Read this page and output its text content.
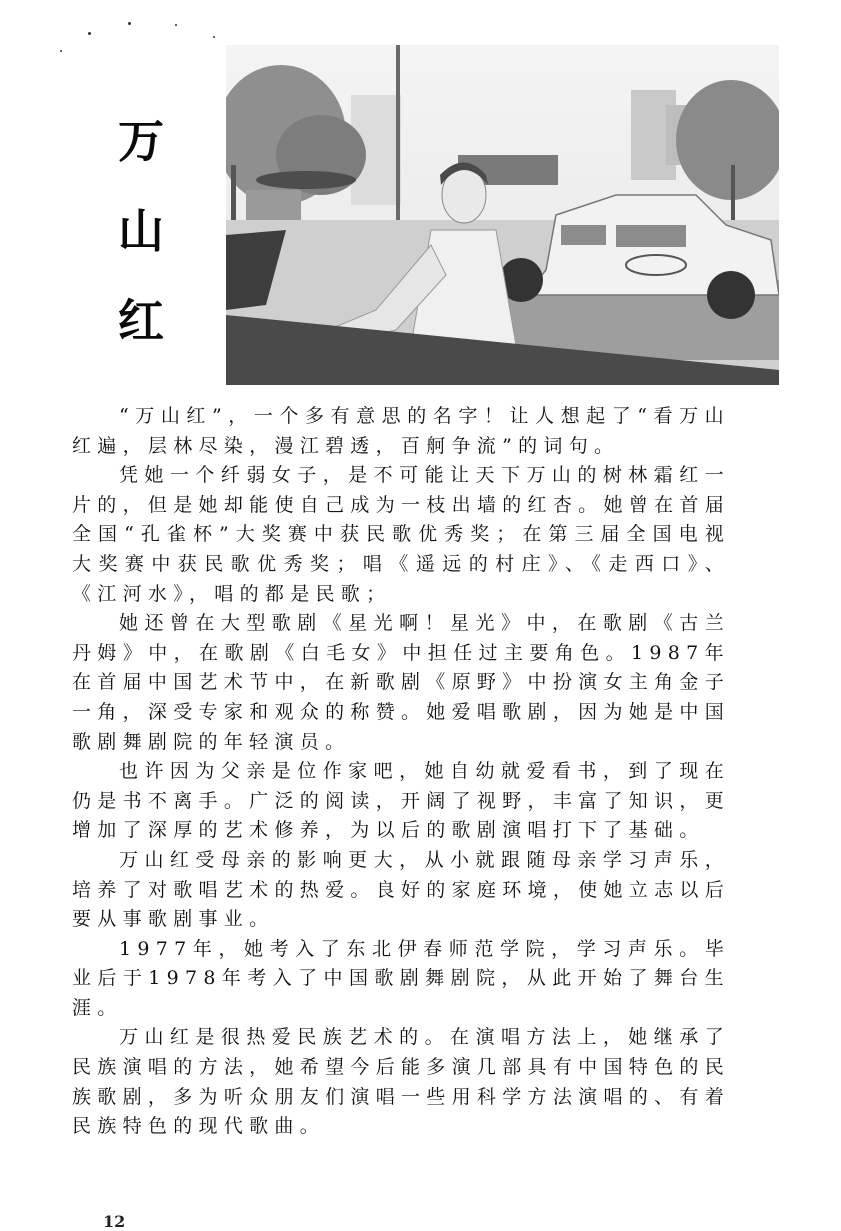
万
山
红

“万山红”，一个多有意思的名字！让人想起了“看万山红遍，层林尽染，漫江碧透，百舸争流”的词句。

凭她一个纤弱女子，是不可能让天下万山的树林霜红一片的，但是她却能使自己成为一枝出墙的红杏。她曾在首届全国“孔雀杯”大奖赛中获民歌优秀奖；在第三届全国电视大奖赛中获民歌优秀奖；唱《遥远的村庄》、《走西口》、《江河水》，唱的都是民歌；

她还曾在大型歌剧《星光啊！星光》中，在歌剧《古兰丹姆》中，在歌剧《白毛女》中担任过主要角色。1987年在首届中国艺术节中，在新歌剧《原野》中扮演女主角金子一角，深受专家和观众的称赞。她爱唱歌剧，因为她是中国歌剧舞剧院的年轻演员。

也许因为父亲是位作家吧，她自幼就爱看书，到了现在仍是书不离手。广泛的阅读，开阔了视野，丰富了知识，更增加了深厚的艺术修养，为以后的歌剧演唱打下了基础。

万山红受母亲的影响更大，从小就跟随母亲学习声乐，培养了对歌唱艺术的热爱。良好的家庭环境，使她立志以后要从事歌剧事业。

1977年，她考入了东北伊春师范学院，学习声乐。毕业后于1978年考入了中国歌剧舞剧院，从此开始了舞台生涯。

万山红是很热爱民族艺术的。在演唱方法上，她继承了民族演唱的方法，她希望今后能多演几部具有中国特色的民族歌剧，多为听众朋友们演唱一些用科学方法演唱的、有着民族特色的现代歌曲。

12
